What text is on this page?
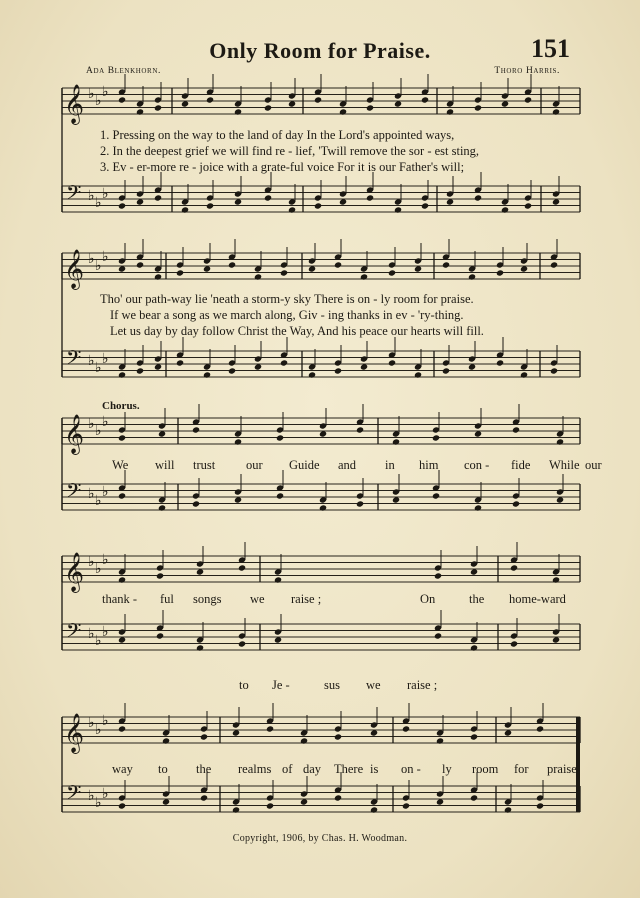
Only Room for Praise.	151
Ada Blenkhorn.	Thoro Harris.
𝄞
𝄢
♭ ♭
♭
♭ ♭
♭
𝄞
𝄢
♭ ♭
♭
♭ ♭
♭
𝄞
𝄢
♭ ♭
♭
♭ ♭
♭
𝄞
𝄢
♭ ♭
♭
♭ ♭
♭
𝄞
𝄢
♭ ♭
♭
♭ ♭
♭
1. Pressing on the way to the land of day In the Lord's appointed ways,
2. In the deepest grief we will find re - lief, 'Twill remove the sor - est sting,
3. Ev - er-more re - joice with a grate-ful voice For it is our Father's will;
Tho' our path-way lie 'neath a storm-y sky There is on - ly room for praise.
If we bear a song as we march along, Giv - ing thanks in ev - 'ry-thing.
Let us day by day follow Christ the Way, And his peace our hearts will fill.
Chorus.
We will trust our Guide and in him con - fide While our
thank - ful songs we raise ;	On	the home-ward
to Je -	sus we raise ;
way to the realms of day There is on - ly room for praise.
Copyright, 1906, by Chas. H. Woodman.
